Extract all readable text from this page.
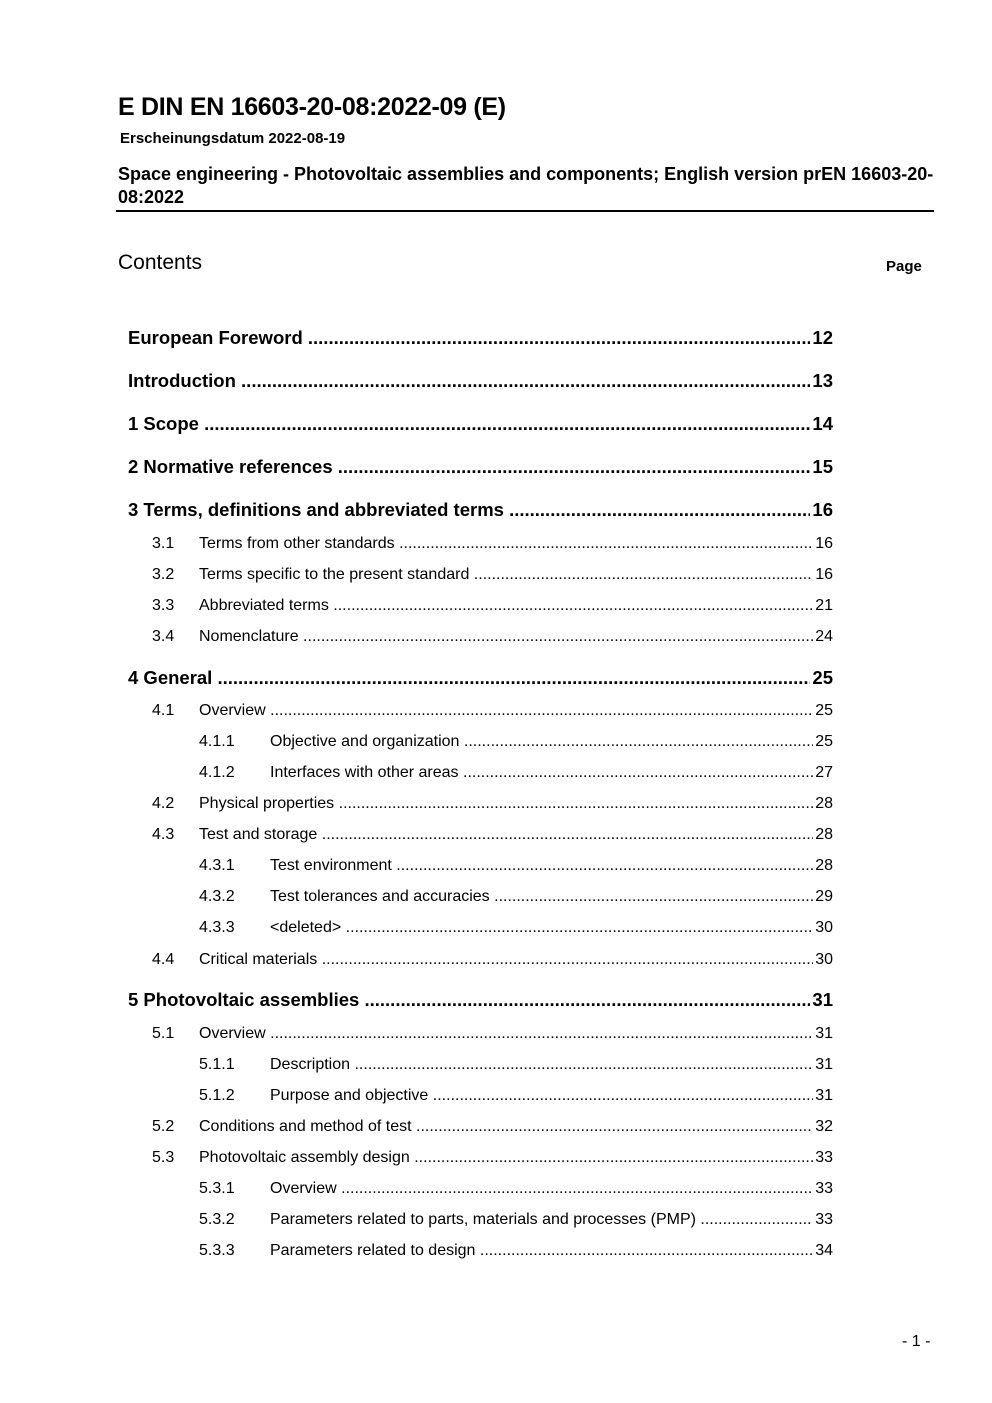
E DIN EN 16603-20-08:2022-09 (E)
Erscheinungsdatum 2022-08-19
Space engineering - Photovoltaic assemblies and components; English version prEN 16603-20-08:2022
Contents	Page
European Foreword .....	12
Introduction .....	13
1 Scope .....	14
2 Normative references .....	15
3 Terms, definitions and abbreviated terms .....	16
3.1 Terms from other standards .....	16
3.2 Terms specific to the present standard .....	16
3.3 Abbreviated terms .....	21
3.4 Nomenclature .....	24
4 General .....	25
4.1 Overview .....	25
4.1.1 Objective and organization .....	25
4.1.2 Interfaces with other areas .....	27
4.2 Physical properties .....	28
4.3 Test and storage .....	28
4.3.1 Test environment .....	28
4.3.2 Test tolerances and accuracies .....	29
4.3.3 <deleted> .....	30
4.4 Critical materials .....	30
5 Photovoltaic assemblies .....	31
5.1 Overview .....	31
5.1.1 Description .....	31
5.1.2 Purpose and objective .....	31
5.2 Conditions and method of test .....	32
5.3 Photovoltaic assembly design .....	33
5.3.1 Overview .....	33
5.3.2 Parameters related to parts, materials and processes (PMP) .....	33
5.3.3 Parameters related to design .....	34
- 1 -
